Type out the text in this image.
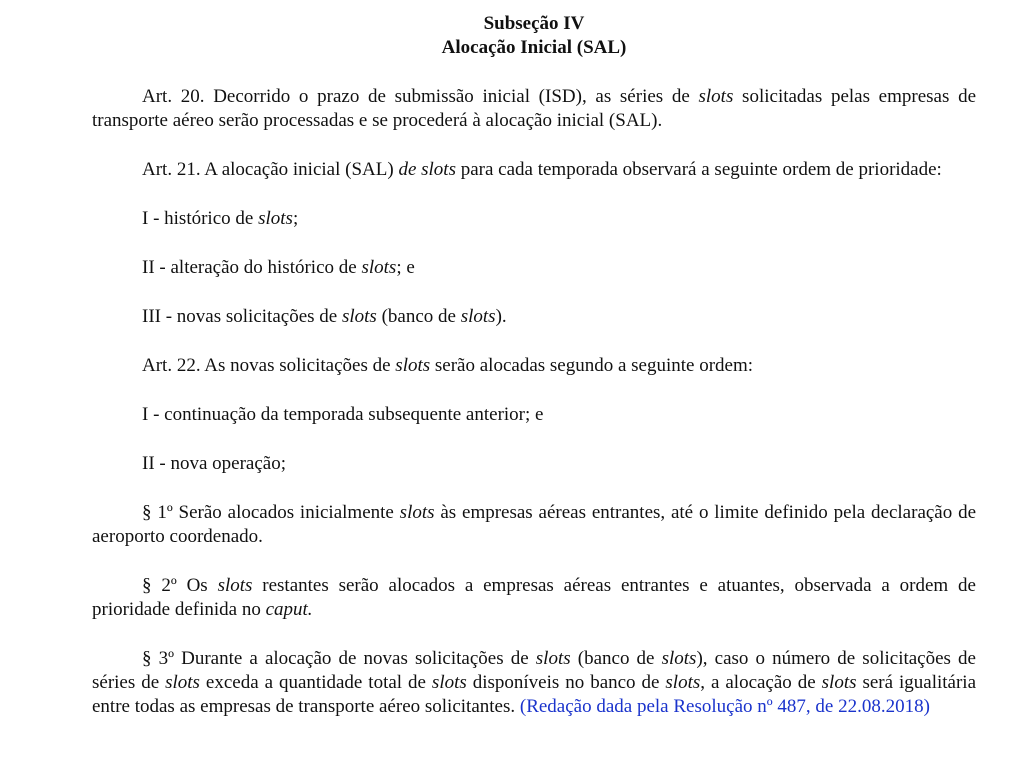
Subseção IV
Alocação Inicial (SAL)

Art. 20. Decorrido o prazo de submissão inicial (ISD), as séries de slots solicitadas pelas empresas de transporte aéreo serão processadas e se procederá à alocação inicial (SAL).

Art. 21. A alocação inicial (SAL) de slots para cada temporada observará a seguinte ordem de prioridade:

I - histórico de slots;

II - alteração do histórico de slots; e

III - novas solicitações de slots (banco de slots).

Art. 22. As novas solicitações de slots serão alocadas segundo a seguinte ordem:

I - continuação da temporada subsequente anterior; e

II - nova operação;

§ 1º Serão alocados inicialmente slots às empresas aéreas entrantes, até o limite definido pela declaração de aeroporto coordenado.

§ 2º Os slots restantes serão alocados a empresas aéreas entrantes e atuantes, observada a ordem de prioridade definida no caput.

§ 3º Durante a alocação de novas solicitações de slots (banco de slots), caso o número de solicitações de séries de slots exceda a quantidade total de slots disponíveis no banco de slots, a alocação de slots será igualitária entre todas as empresas de transporte aéreo solicitantes. (Redação dada pela Resolução nº 487, de 22.08.2018)
